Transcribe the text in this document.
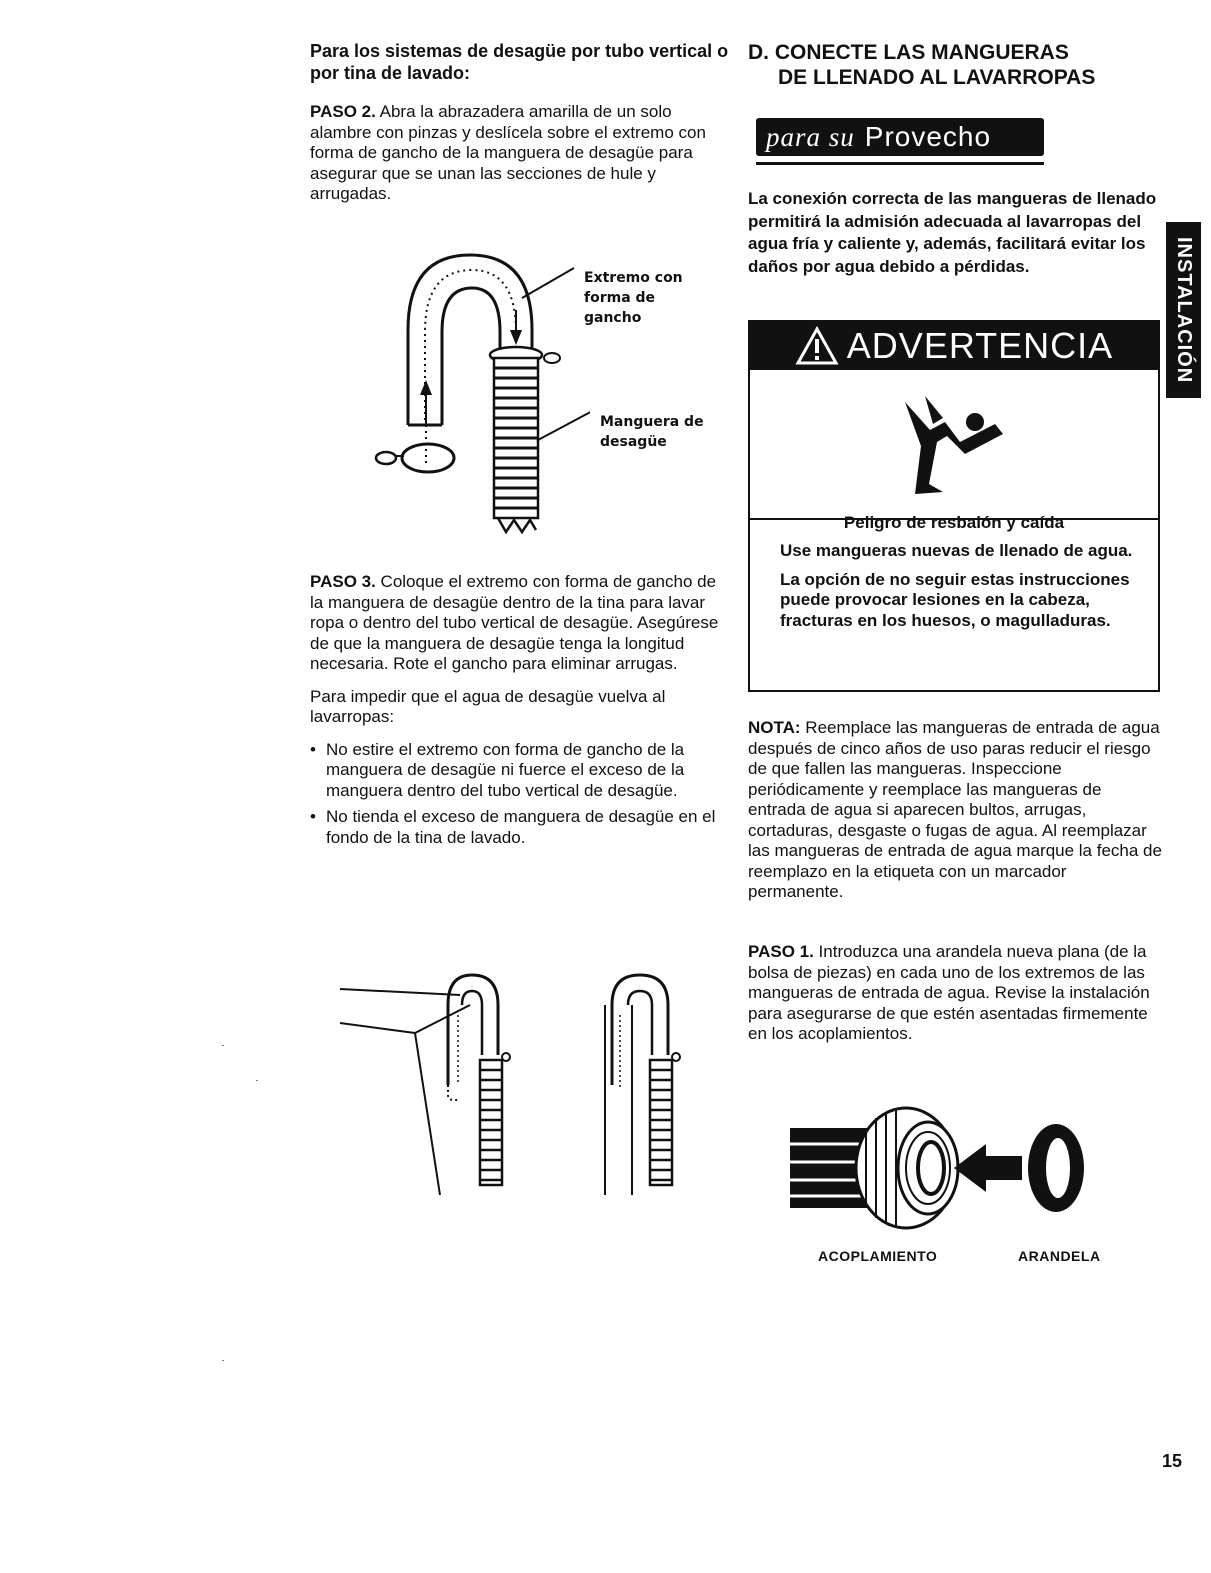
Para los sistemas de desagüe por tubo vertical o por tina de lavado:

PASO 2. Abra la abrazadera amarilla de un solo alambre con pinzas y deslícela sobre el extremo con forma de gancho de la manguera de desagüe para asegurar que se unan las secciones de hule y arrugadas.

Extremo con forma de gancho
Manguera de desagüe

PASO 3. Coloque el extremo con forma de gancho de la manguera de desagüe dentro de la tina para lavar ropa o dentro del tubo vertical de desagüe. Asegúrese de que la manguera de desagüe tenga la longitud necesaria. Rote el gancho para eliminar arrugas.

Para impedir que el agua de desagüe vuelva al lavarropas:

• No estire el extremo con forma de gancho de la manguera de desagüe ni fuerce el exceso de la manguera dentro del tubo vertical de desagüe.
• No tienda el exceso de manguera de desagüe en el fondo de la tina de lavado.
D. CONECTE LAS MANGUERAS
DE LLENADO AL LAVARROPAS
para su Provecho
La conexión correcta de las mangueras de llenado permitirá la admisión adecuada al lavarropas del agua fría y caliente y, además, facilitará evitar los daños por agua debido a pérdidas.
ADVERTENCIA
Peligro de resbalón y caída

Use mangueras nuevas de llenado de agua.

La opción de no seguir estas instrucciones puede provocar lesiones en la cabeza, fracturas en los huesos, o magulladuras.

NOTA: Reemplace las mangueras de entrada de agua después de cinco años de uso paras reducir el riesgo de que fallen las mangueras. Inspeccione periódicamente y reemplace las mangueras de entrada de agua si aparecen bultos, arrugas, cortaduras, desgaste o fugas de agua. Al reemplazar las mangueras de entrada de agua marque la fecha de reemplazo en la etiqueta con un marcador permanente.

PASO 1. Introduzca una arandela nueva plana (de la bolsa de piezas) en cada uno de los extremos de las mangueras de entrada de agua. Revise la instalación para asegurarse de que estén asentadas firmemente en los acoplamientos.

ACOPLAMIENTO	ARANDELA
INSTALACIÓN
15
